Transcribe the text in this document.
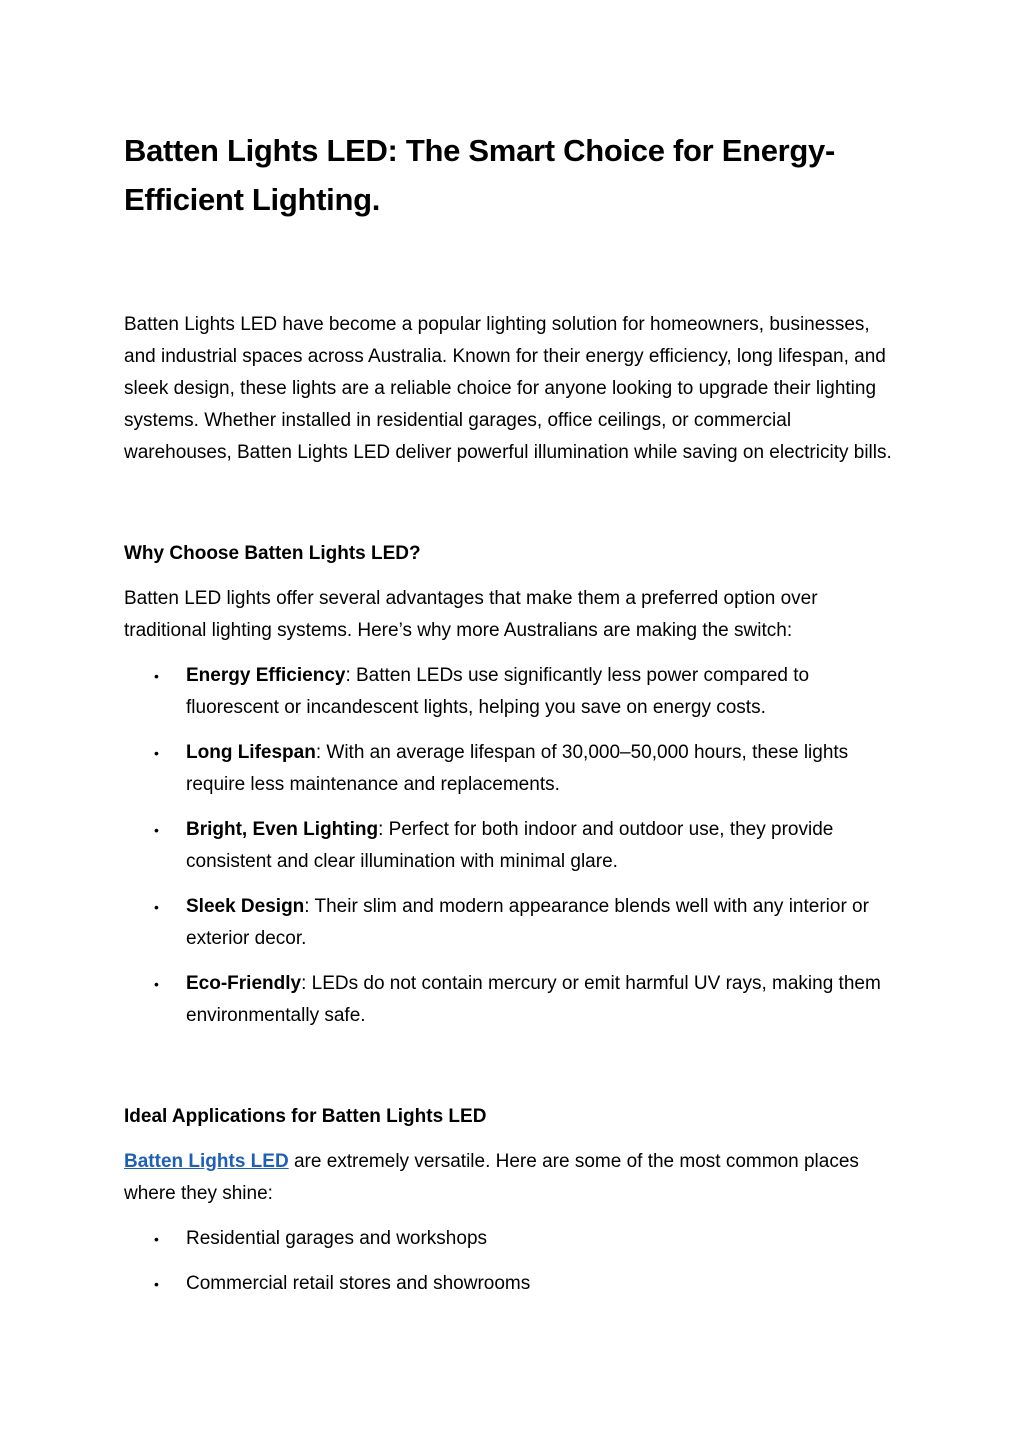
Batten Lights LED: The Smart Choice for Energy-Efficient Lighting.

Batten Lights LED have become a popular lighting solution for homeowners, businesses, and industrial spaces across Australia. Known for their energy efficiency, long lifespan, and sleek design, these lights are a reliable choice for anyone looking to upgrade their lighting systems. Whether installed in residential garages, office ceilings, or commercial warehouses, Batten Lights LED deliver powerful illumination while saving on electricity bills.

Why Choose Batten Lights LED?

Batten LED lights offer several advantages that make them a preferred option over traditional lighting systems. Here’s why more Australians are making the switch:

• Energy Efficiency: Batten LEDs use significantly less power compared to fluorescent or incandescent lights, helping you save on energy costs.
• Long Lifespan: With an average lifespan of 30,000–50,000 hours, these lights require less maintenance and replacements.
• Bright, Even Lighting: Perfect for both indoor and outdoor use, they provide consistent and clear illumination with minimal glare.
• Sleek Design: Their slim and modern appearance blends well with any interior or exterior decor.
• Eco-Friendly: LEDs do not contain mercury or emit harmful UV rays, making them environmentally safe.
Ideal Applications for Batten Lights LED

Batten Lights LED are extremely versatile. Here are some of the most common places where they shine:

• Residential garages and workshops
• Commercial retail stores and showrooms
